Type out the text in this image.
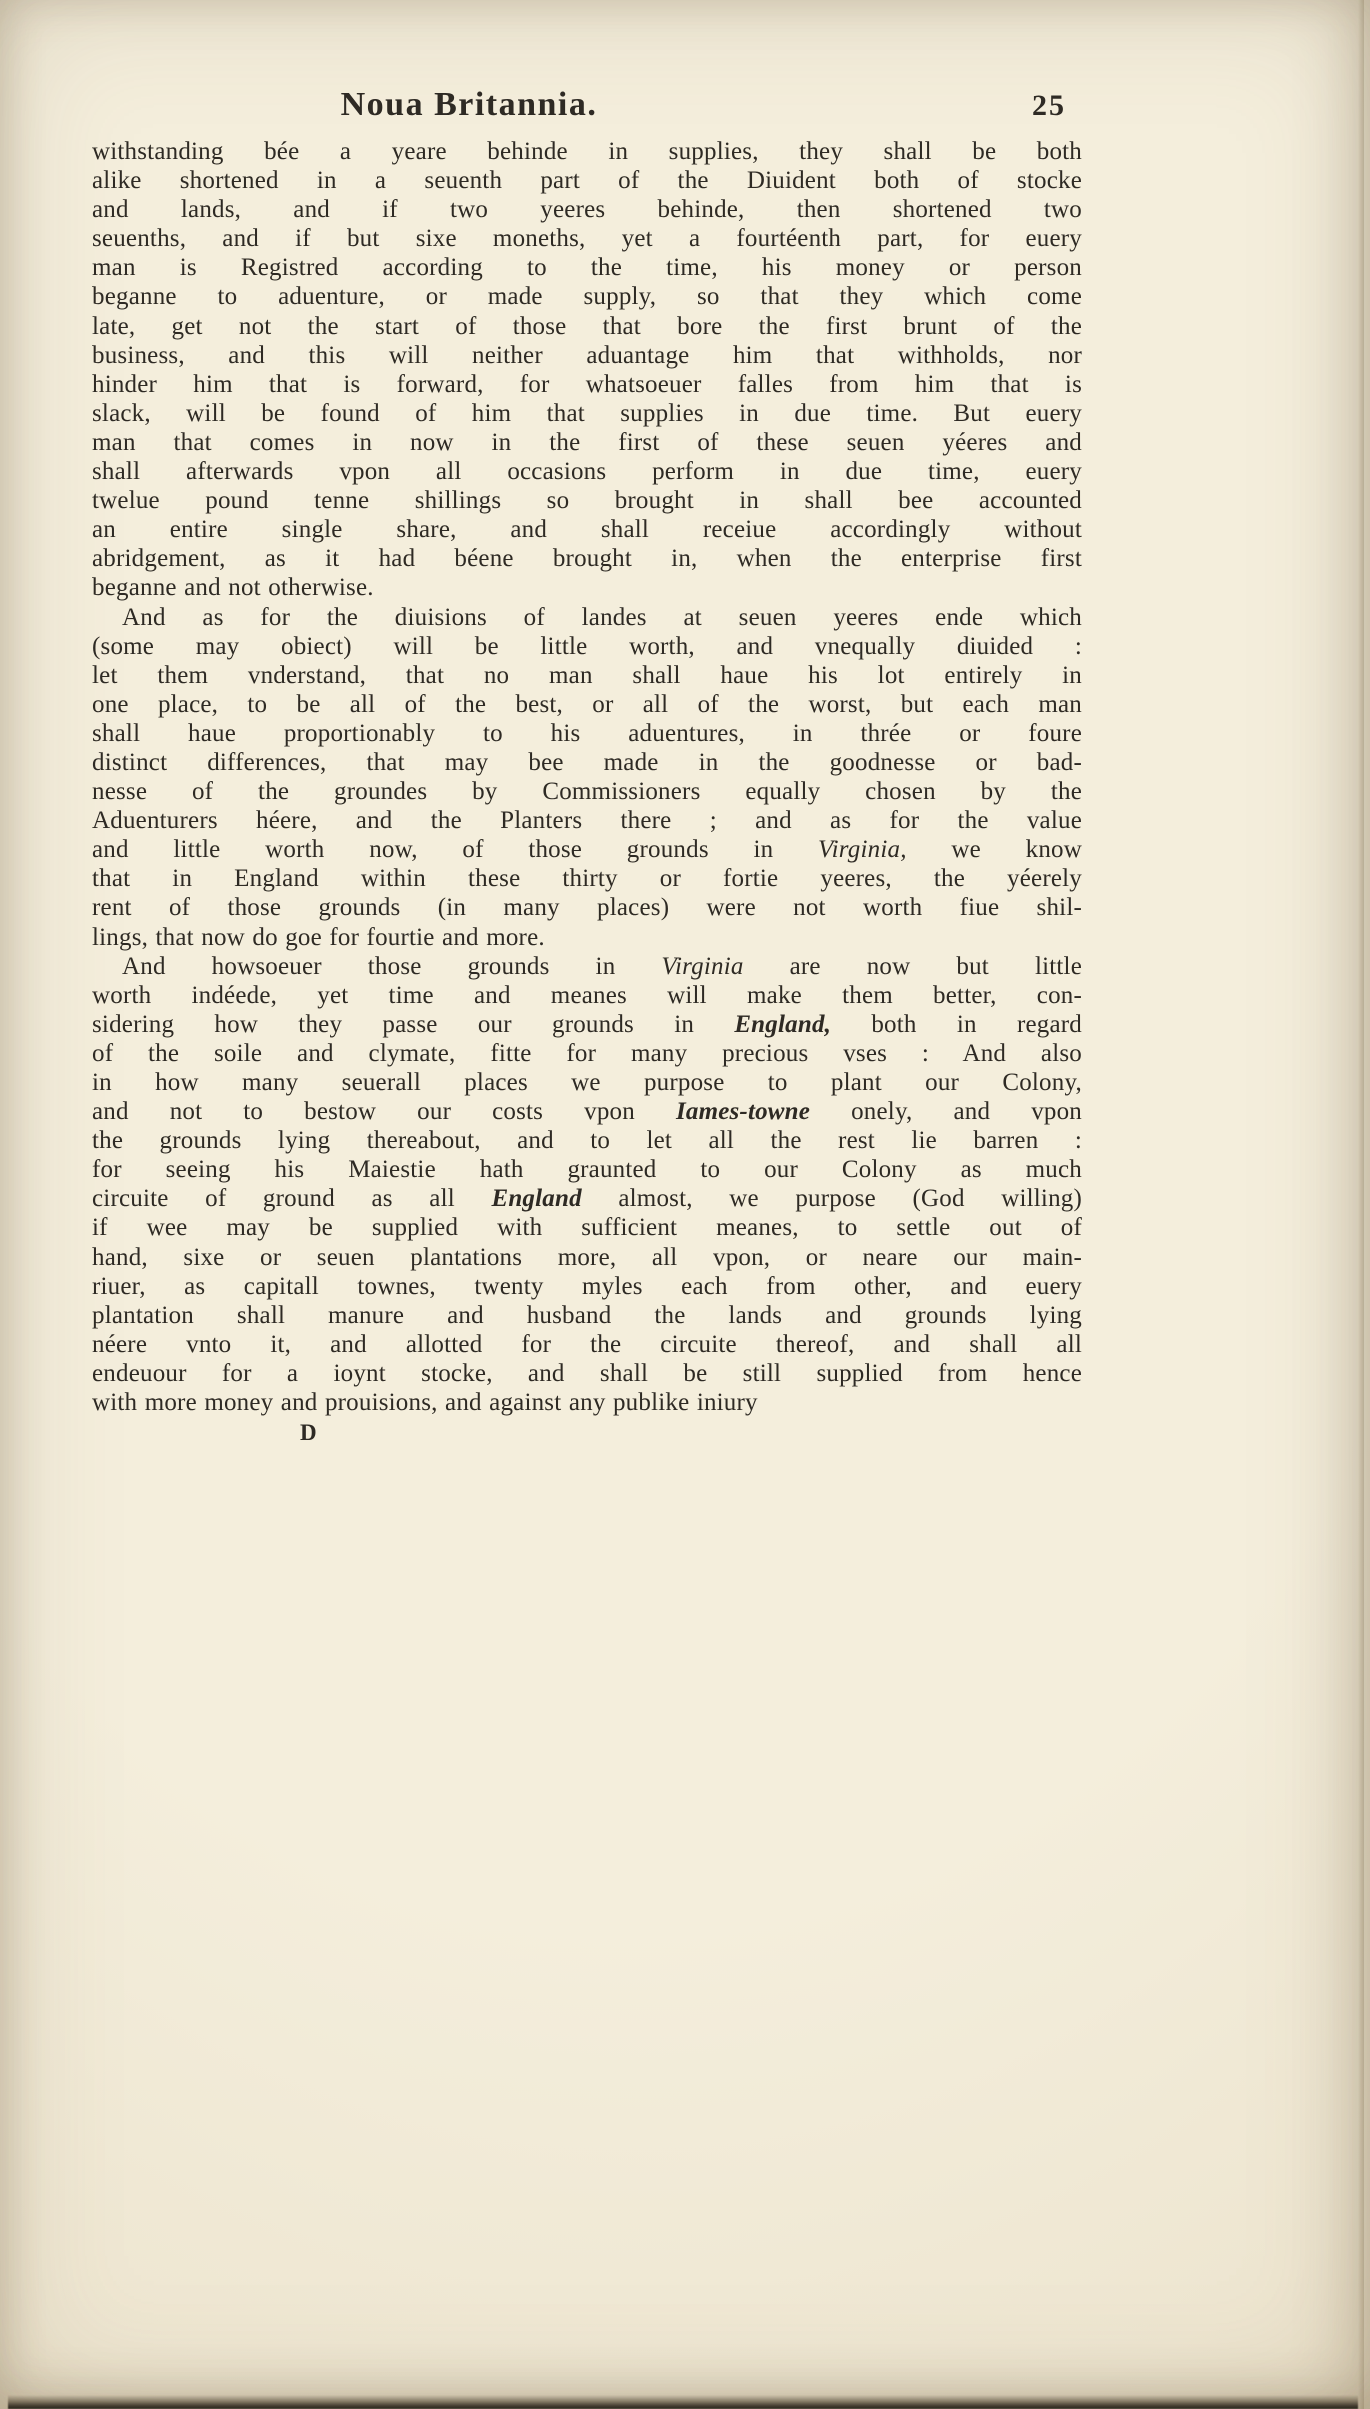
Noua Britannia.	25
withstanding bée a yeare behinde in supplies, they shall be both
alike shortened in a seuenth part of the Diuident both of stocke
and lands, and if two yeeres behinde, then shortened two
seuenths, and if but sixe moneths, yet a fourtéenth part, for euery
man is Registred according to the time, his money or person
beganne to aduenture, or made supply, so that they which come
late, get not the start of those that bore the first brunt of the
business, and this will neither aduantage him that withholds, nor
hinder him that is forward, for whatsoeuer falles from him that is
slack, will be found of him that supplies in due time. But euery
man that comes in now in the first of these seuen yéeres and
shall afterwards vpon all occasions perform in due time, euery
twelue pound tenne shillings so brought in shall bee accounted
an entire single share, and shall receiue accordingly without
abridgement, as it had béene brought in, when the enterprise first
beganne and not otherwise.
And as for the diuisions of landes at seuen yeeres ende which
(some may obiect) will be little worth, and vnequally diuided :
let them vnderstand, that no man shall haue his lot entirely in
one place, to be all of the best, or all of the worst, but each man
shall haue proportionably to his aduentures, in thrée or foure
distinct differences, that may bee made in the goodnesse or bad-
nesse of the groundes by Commissioners equally chosen by the
Aduenturers héere, and the Planters there ; and as for the value
and little worth now, of those grounds in Virginia, we know
that in England within these thirty or fortie yeeres, the yéerely
rent of those grounds (in many places) were not worth fiue shil-
lings, that now do goe for fourtie and more.
And howsoeuer those grounds in Virginia are now but little
worth indéede, yet time and meanes will make them better, con-
sidering how they passe our grounds in England, both in regard
of the soile and clymate, fitte for many precious vses : And also
in how many seuerall places we purpose to plant our Colony,
and not to bestow our costs vpon Iames-towne onely, and vpon
the grounds lying thereabout, and to let all the rest lie barren :
for seeing his Maiestie hath graunted to our Colony as much
circuite of ground as all England almost, we purpose (God willing)
if wee may be supplied with sufficient meanes, to settle out of
hand, sixe or seuen plantations more, all vpon, or neare our main-
riuer, as capitall townes, twenty myles each from other, and euery
plantation shall manure and husband the lands and grounds lying
néere vnto it, and allotted for the circuite thereof, and shall all
endeuour for a ioynt stocke, and shall be still supplied from hence
with more money and prouisions, and against any publike iniury
D
